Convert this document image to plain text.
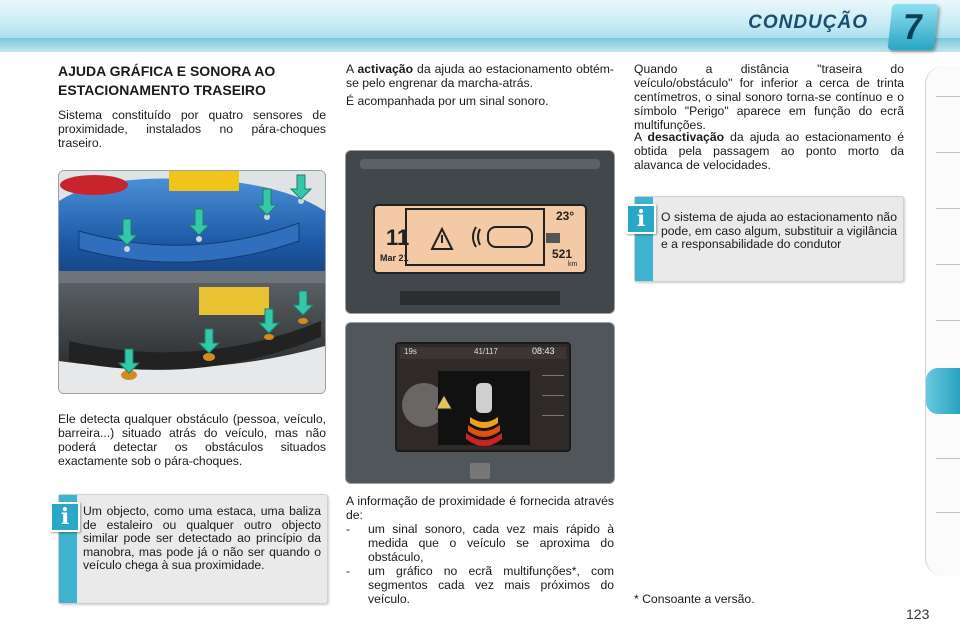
CONDUÇÃO 7
AJUDA GRÁFICA E SONORA AO ESTACIONAMENTO TRASEIRO
Sistema constituído por quatro sensores de proximidade, instalados no pára-choques traseiro.
Ele detecta qualquer obstáculo (pessoa, veículo, barreira...) situado atrás do veículo, mas não poderá detectar os obstáculos situados exactamente sob o pára-choques.
Um objecto, como uma estaca, uma baliza de estaleiro ou qualquer outro objecto similar pode ser detectado ao princípio da manobra, mas pode já o não ser quando o veículo chega à sua proximidade.
i
A activação da ajuda ao estacionamento obtém-se pelo engrenar da marcha-atrás.
É acompanhada por um sinal sonoro.
23°
11
Mar 21	521
km
19s	41/117	08:43
A informação de proximidade é fornecida através de:
-	um sinal sonoro, cada vez mais rápido à medida que o veículo se aproxima do obstáculo,
-	um gráfico no ecrã multifunções*, com segmentos cada vez mais próximos do veículo.
Quando a distância "traseira do veículo/obstáculo" for inferior a cerca de trinta centímetros, o sinal sonoro torna-se contínuo e o símbolo "Perigo" aparece em função do ecrã multifunções.
A desactivação da ajuda ao estacionamento é obtida pela passagem ao ponto morto da alavanca de velocidades.
O sistema de ajuda ao estacionamento não pode, em caso algum, substituir a vigilância e a responsabilidade do condutor
i
* Consoante a versão.
123
